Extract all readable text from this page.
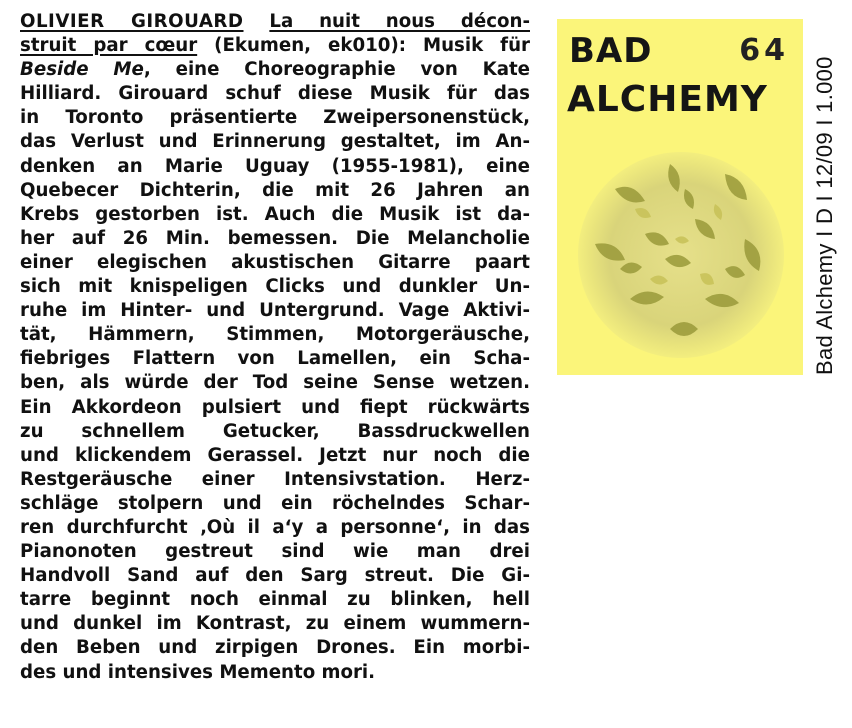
OLIVIER GIROUARD La nuit nous décon-
struit par cœur (Ekumen, ek010): Musik für
Beside Me, eine Choreographie von Kate
Hilliard. Girouard schuf diese Musik für das
in Toronto präsentierte Zweipersonenstück,
das Verlust und Erinnerung gestaltet, im An-
denken an Marie Uguay (1955-1981), eine
Quebecer Dichterin, die mit 26 Jahren an
Krebs gestorben ist. Auch die Musik ist da-
her auf 26 Min. bemessen. Die Melancholie
einer elegischen akustischen Gitarre paart
sich mit knispeligen Clicks und dunkler Un-
ruhe im Hinter- und Untergrund. Vage Aktivi-
tät, Hämmern, Stimmen, Motorgeräusche,
fiebriges Flattern von Lamellen, ein Scha-
ben, als würde der Tod seine Sense wetzen.
Ein Akkordeon pulsiert und fiept rückwärts
zu schnellem Getucker, Bassdruckwellen
und klickendem Gerassel. Jetzt nur noch die
Restgeräusche einer Intensivstation. Herz-
schläge stolpern und ein röchelndes Schar-
ren durchfurcht ‚Où il a‘y a personne‘, in das
Pianonoten gestreut sind wie man drei
Handvoll Sand auf den Sarg streut. Die Gi-
tarre beginnt noch einmal zu blinken, hell
und dunkel im Kontrast, zu einem wummern-
den Beben und zirpigen Drones. Ein morbi-
des und intensives Memento mori.
BAD	64
ALCHEMY Bad Alchemy I D I 12/09 I 1.000
